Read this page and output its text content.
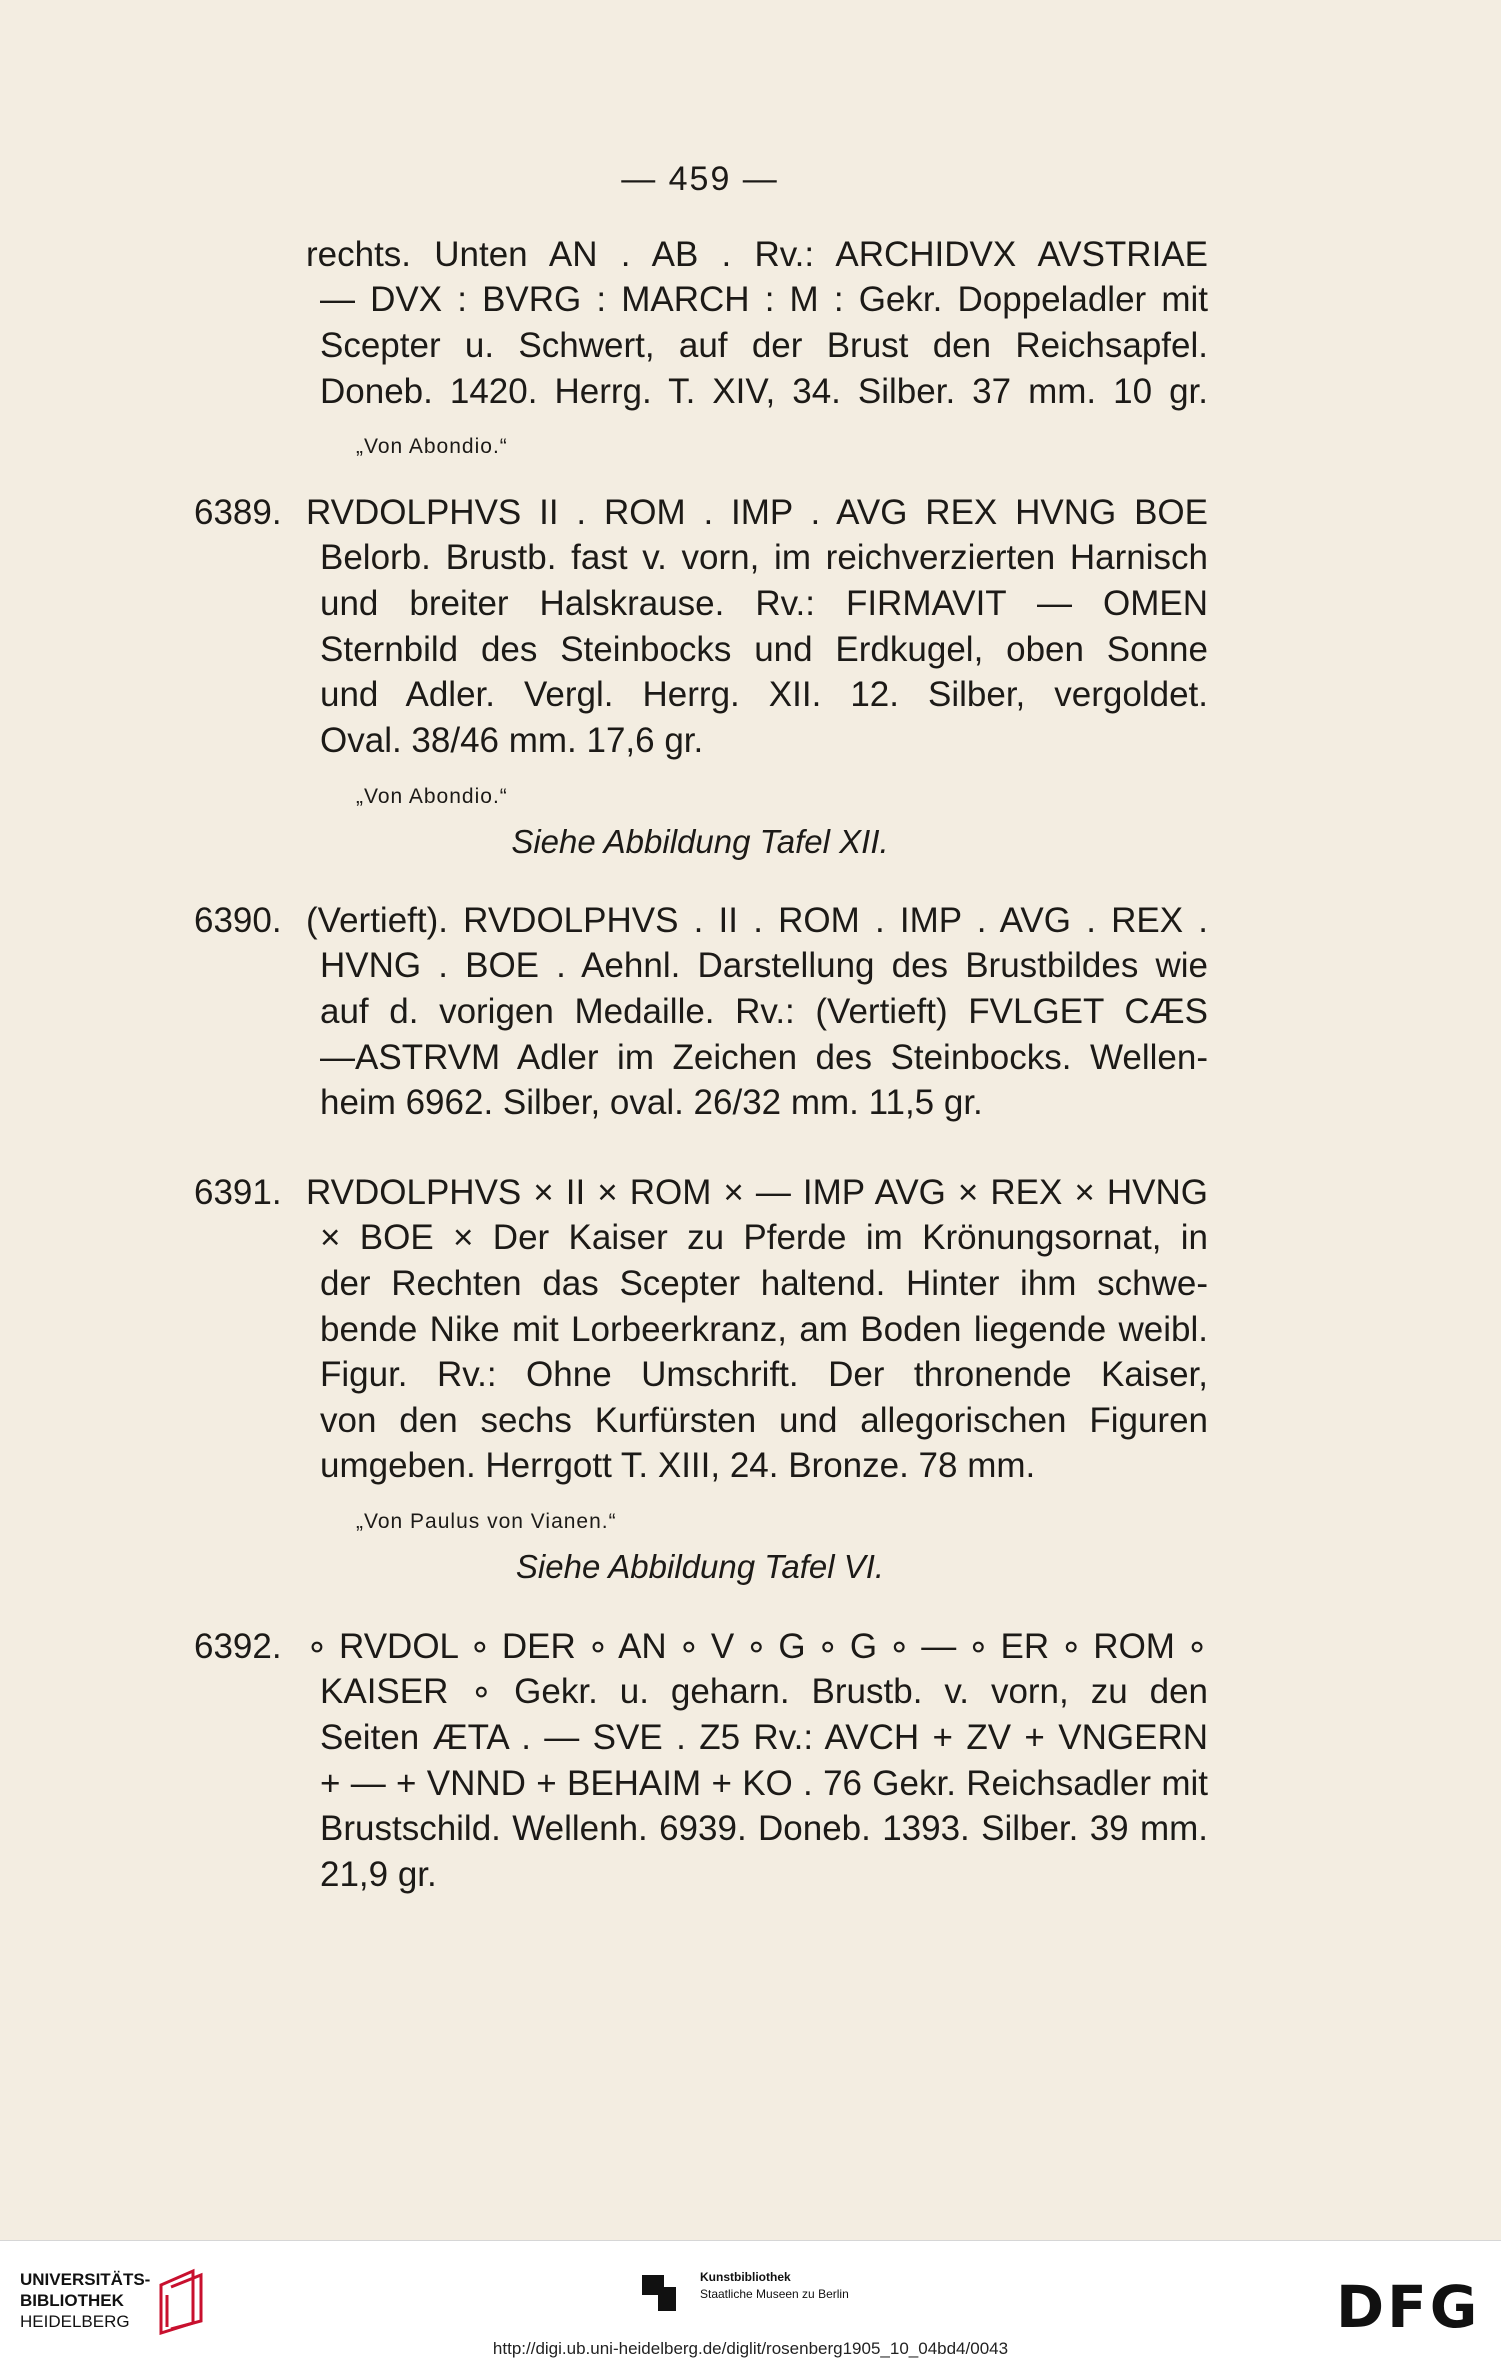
— 459 —
rechts. Unten AN . AB . Rv.: ARCHIDVX AVSTRIAE
— DVX : BVRG : MARCH : M : Gekr. Doppeladler mit
Scepter u. Schwert, auf der Brust den Reichsapfel.
Doneb. 1420. Herrg. T. XIV, 34. Silber. 37 mm. 10 gr.
„Von Abondio.“
6389. RVDOLPHVS II . ROM . IMP . AVG REX HVNG BOE
Belorb. Brustb. fast v. vorn, im reichverzierten Harnisch
und breiter Halskrause. Rv.: FIRMAVIT — OMEN
Sternbild des Steinbocks und Erdkugel, oben Sonne
und Adler. Vergl. Herrg. XII. 12. Silber, vergoldet.
Oval. 38/46 mm. 17,6 gr.
„Von Abondio.“
Siehe Abbildung Tafel XII.
6390. (Vertieft). RVDOLPHVS . II . ROM . IMP . AVG . REX .
HVNG . BOE . Aehnl. Darstellung des Brustbildes wie
auf d. vorigen Medaille. Rv.: (Vertieft) FVLGET CÆS
—ASTRVM Adler im Zeichen des Steinbocks. Wellen-
heim 6962. Silber, oval. 26/32 mm. 11,5 gr.
6391. RVDOLPHVS × II × ROM × — IMP AVG × REX × HVNG
× BOE × Der Kaiser zu Pferde im Krönungsornat, in
der Rechten das Scepter haltend. Hinter ihm schwe-
bende Nike mit Lorbeerkranz, am Boden liegende weibl.
Figur. Rv.: Ohne Umschrift. Der thronende Kaiser,
von den sechs Kurfürsten und allegorischen Figuren
umgeben. Herrgott T. XIII, 24. Bronze. 78 mm.
„Von Paulus von Vianen.“
Siehe Abbildung Tafel VI.
6392. ∘ RVDOL ∘ DER ∘ AN ∘ V ∘ G ∘ G ∘ — ∘ ER ∘ ROM ∘
KAISER ∘ Gekr. u. geharn. Brustb. v. vorn, zu den
Seiten ÆTA . — SVE . Z5 Rv.: AVCH + ZV + VNGERN
+ — + VNND + BEHAIM + KO . 76 Gekr. Reichsadler mit
Brustschild. Wellenh. 6939. Doneb. 1393. Silber. 39 mm.
21,9 gr.
UNIVERSITÄTS-
BIBLIOTHEK
HEIDELBERG
Kunstbibliothek
Staatliche Museen zu Berlin	DFG
http://digi.ub.uni-heidelberg.de/diglit/rosenberg1905_10_04bd4/0043
